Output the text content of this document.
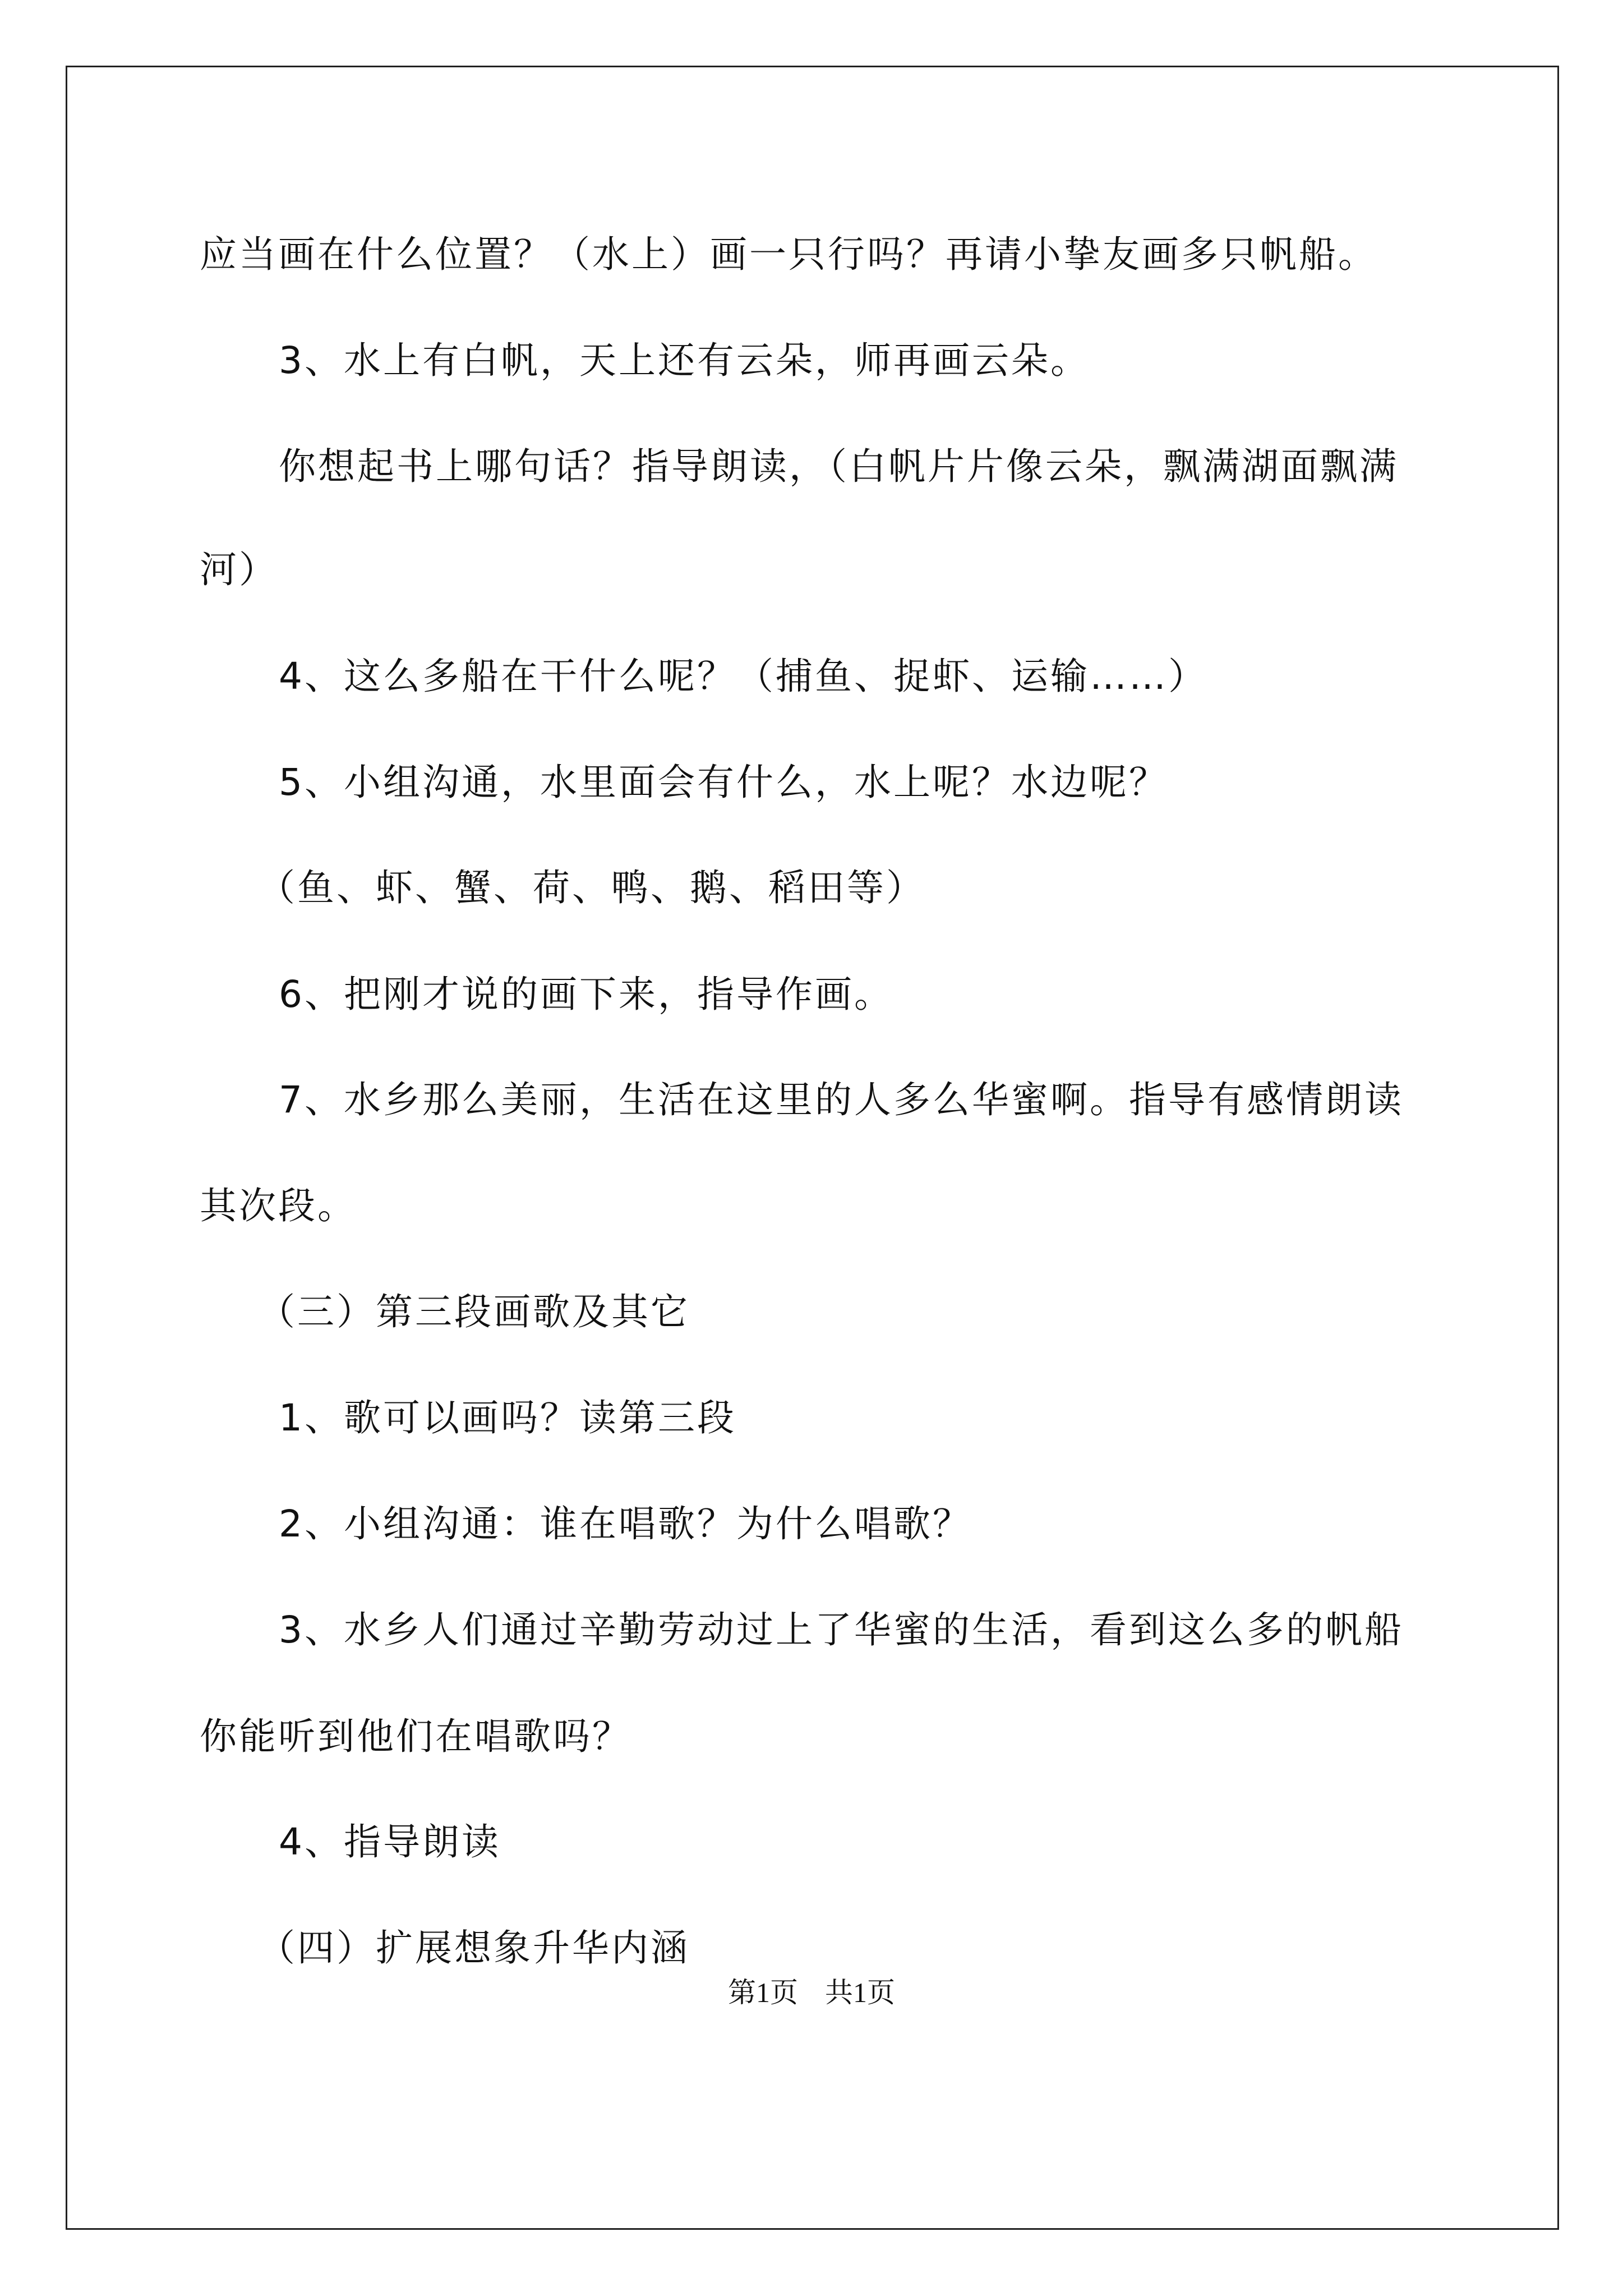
应当画在什么位置？（水上）画一只行吗？再请小挚友画多只帆船。
3、水上有白帆，天上还有云朵，师再画云朵。
你想起书上哪句话？指导朗读，（白帆片片像云朵，飘满湖面飘满
河）
4、这么多船在干什么呢？（捕鱼、捉虾、运输……）
5、小组沟通，水里面会有什么，水上呢？水边呢？
（鱼、虾、蟹、荷、鸭、鹅、稻田等）
6、把刚才说的画下来，指导作画。
7、水乡那么美丽，生活在这里的人多么华蜜啊。指导有感情朗读
其次段。
（三）第三段画歌及其它
1、歌可以画吗？读第三段
2、小组沟通：谁在唱歌？为什么唱歌？
3、水乡人们通过辛勤劳动过上了华蜜的生活，看到这么多的帆船
你能听到他们在唱歌吗？
4、指导朗读
（四）扩展想象升华内涵
第1页 共1页
